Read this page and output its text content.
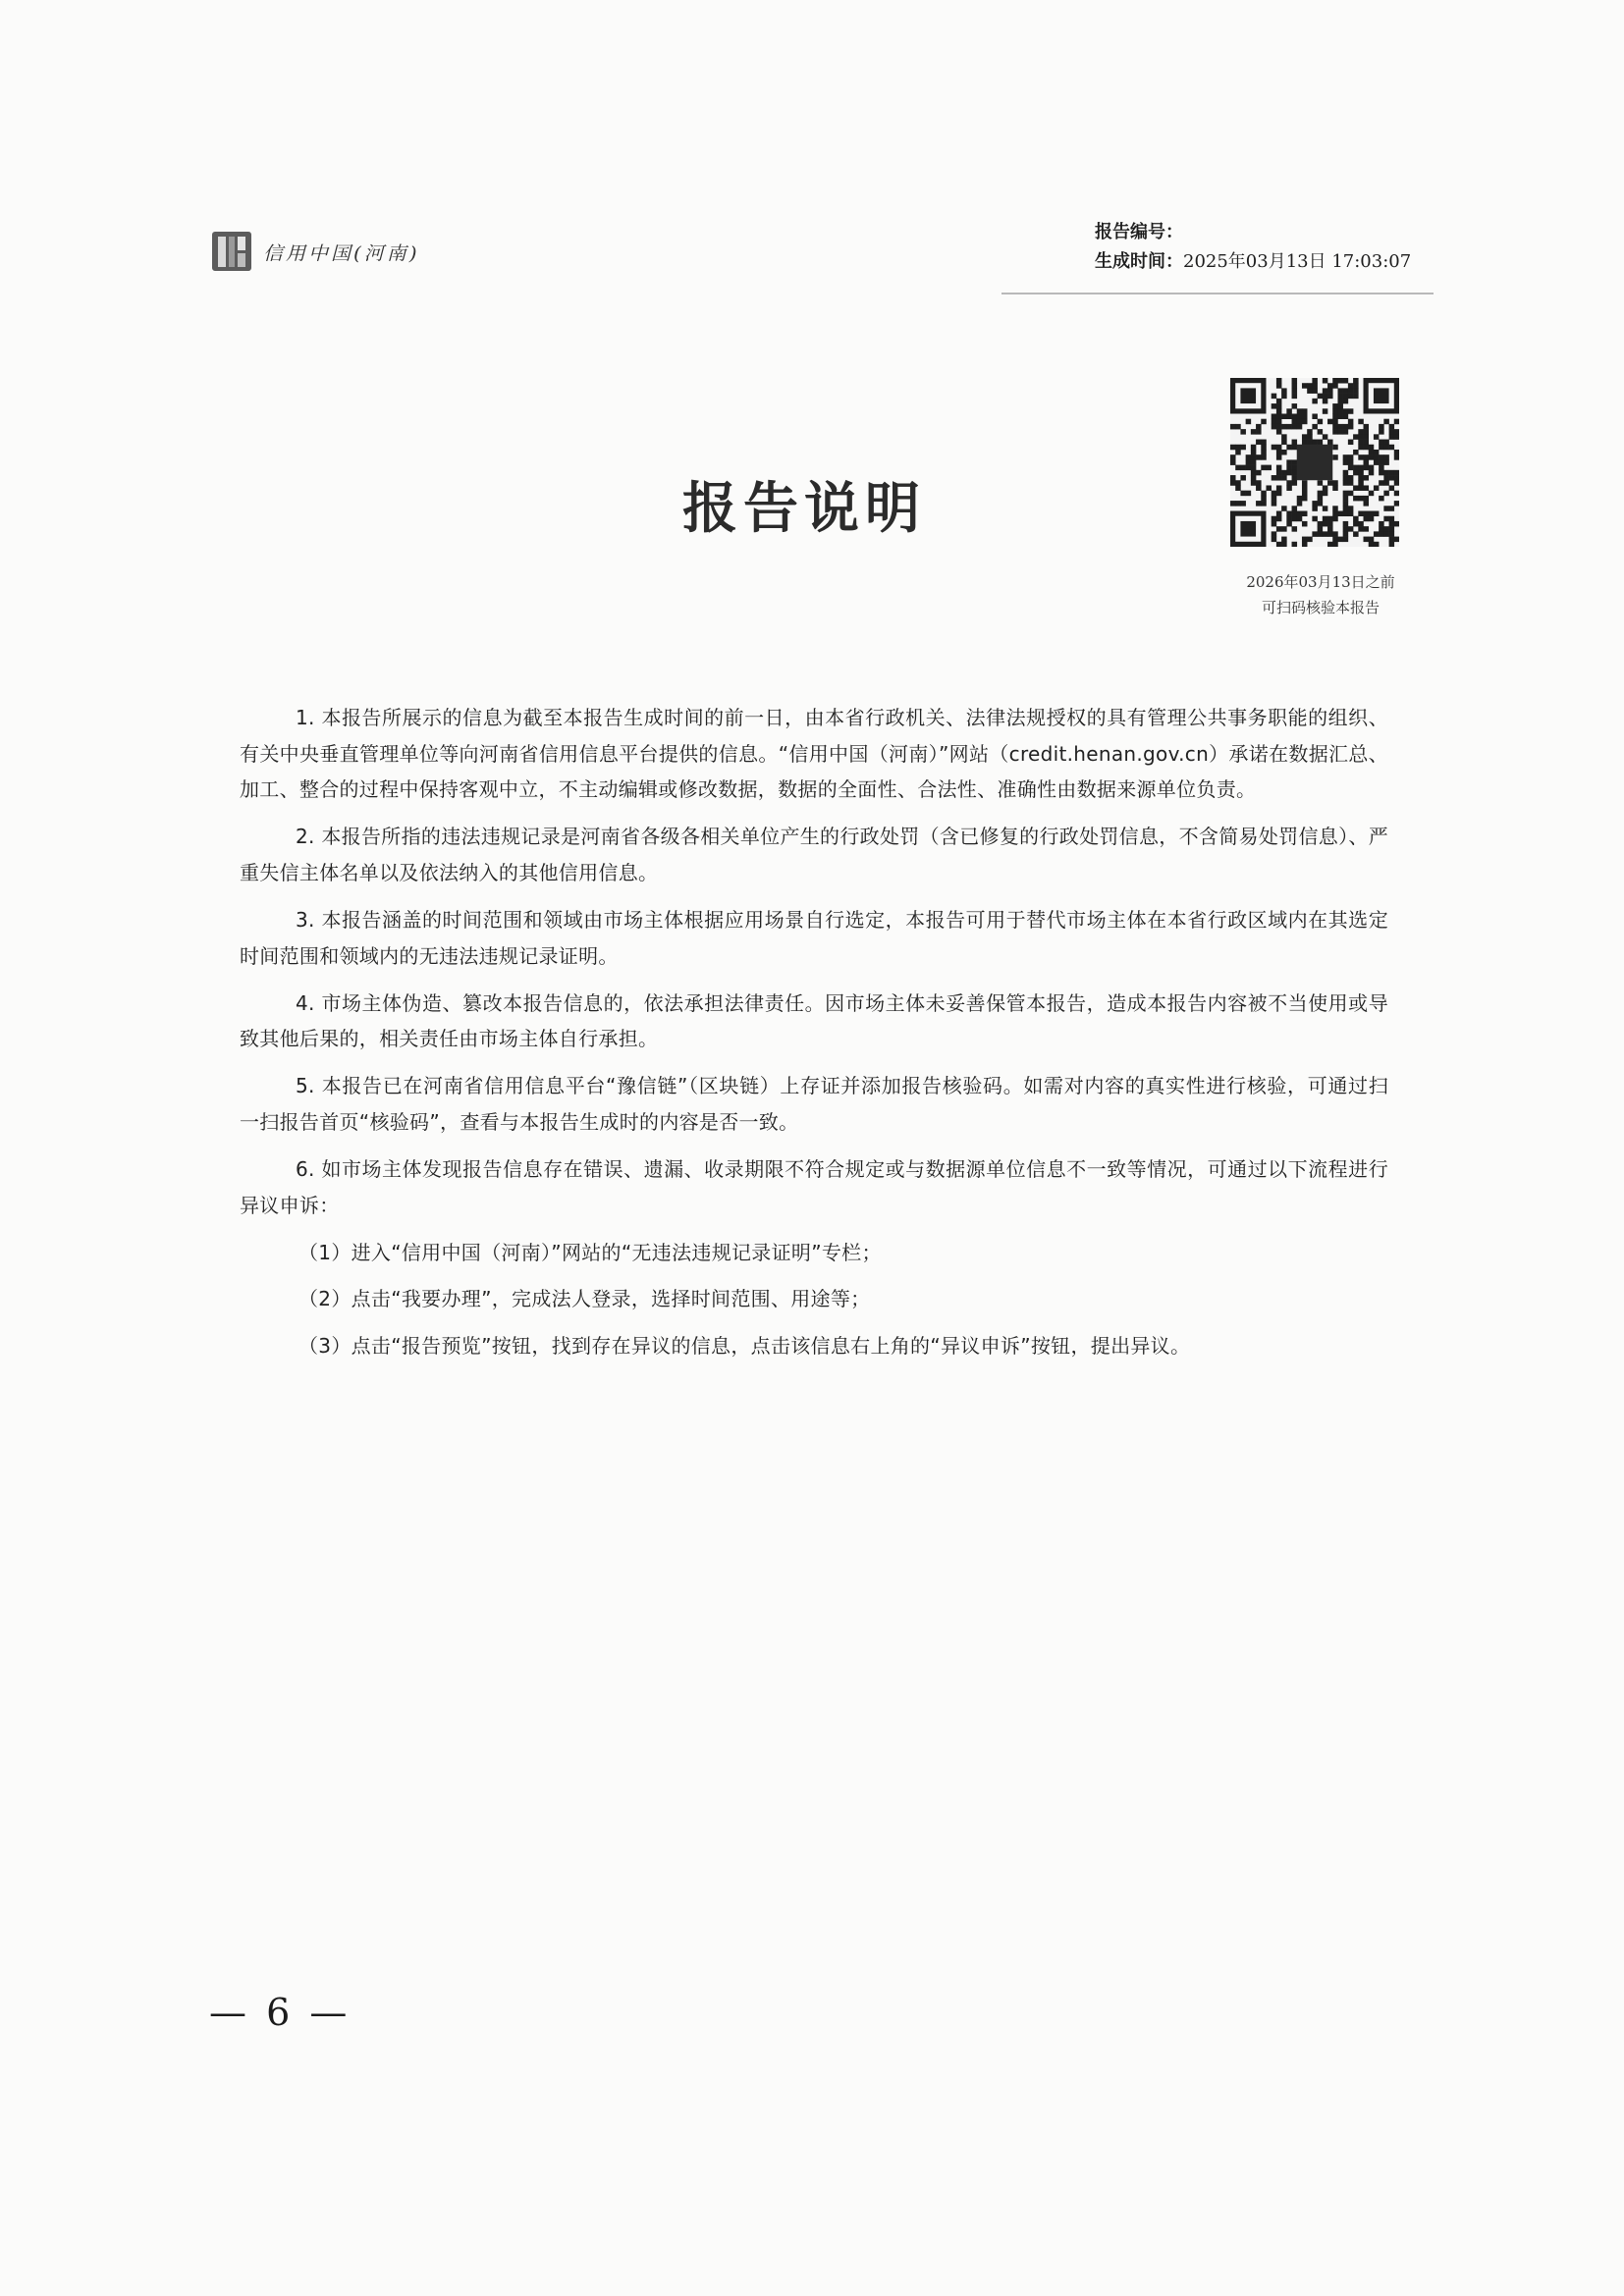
信用中国(河南)
报告编号：
生成时间：2025年03月13日 17:03:07
报告说明
2026年03月13日之前
可扫码核验本报告

1. 本报告所展示的信息为截至本报告生成时间的前一日，由本省行政机关、法律法规授权的具有管理公共事务职能的组织、有关中央垂直管理单位等向河南省信用信息平台提供的信息。“信用中国（河南）”网站（credit.henan.gov.cn）承诺在数据汇总、加工、整合的过程中保持客观中立，不主动编辑或修改数据，数据的全面性、合法性、准确性由数据来源单位负责。

2. 本报告所指的违法违规记录是河南省各级各相关单位产生的行政处罚（含已修复的行政处罚信息，不含简易处罚信息）、严重失信主体名单以及依法纳入的其他信用信息。

3. 本报告涵盖的时间范围和领域由市场主体根据应用场景自行选定，本报告可用于替代市场主体在本省行政区域内在其选定时间范围和领域内的无违法违规记录证明。

4. 市场主体伪造、篡改本报告信息的，依法承担法律责任。因市场主体未妥善保管本报告，造成本报告内容被不当使用或导致其他后果的，相关责任由市场主体自行承担。

5. 本报告已在河南省信用信息平台“豫信链”（区块链）上存证并添加报告核验码。如需对内容的真实性进行核验，可通过扫一扫报告首页“核验码”，查看与本报告生成时的内容是否一致。

6. 如市场主体发现报告信息存在错误、遗漏、收录期限不符合规定或与数据源单位信息不一致等情况，可通过以下流程进行异议申诉：

（1）进入“信用中国（河南）”网站的“无违法违规记录证明”专栏；

（2）点击“我要办理”，完成法人登录，选择时间范围、用途等；

（3）点击“报告预览”按钮，找到存在异议的信息，点击该信息右上角的“异议申诉”按钮，提出异议。

— 6 —
